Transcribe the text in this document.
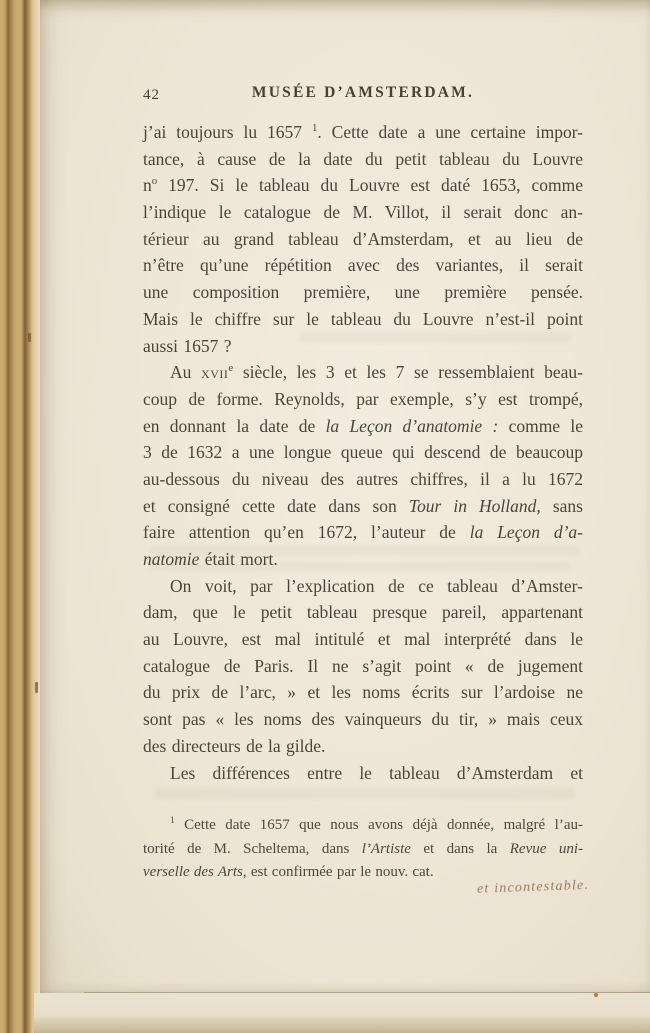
42	MUSÉE D’AMSTERDAM.
j’ai toujours lu 1657 $^1$. Cette date a une certaine impor-
tance, à cause de la date du petit tableau du Louvre
$n^o$ 197. Si le tableau du Louvre est daté 1653, comme
l’indique le catalogue de M. Villot, il serait donc an-
térieur au grand tableau d’Amsterdam, et au lieu de
n’être qu’une répétition avec des variantes, il serait
une composition première, une première pensée.
Mais le chiffre sur le tableau du Louvre n’est-il point
aussi 1657 ?
Au xvii$^e$ siècle, les 3 et les 7 se ressemblaient beau-
coup de forme. Reynolds, par exemple, s’y est trompé,
en donnant la date de la Leçon d’anatomie : comme le
3 de 1632 a une longue queue qui descend de beaucoup
au-dessous du niveau des autres chiffres, il a lu 1672
et consigné cette date dans son Tour in Holland, sans
faire attention qu’en 1672, l’auteur de la Leçon d’a-
natomie était mort.
On voit, par l’explication de ce tableau d’Amster-
dam, que le petit tableau presque pareil, appartenant
au Louvre, est mal intitulé et mal interprété dans le
catalogue de Paris. Il ne s’agit point « de jugement
du prix de l’arc, » et les noms écrits sur l’ardoise ne
sont pas « les noms des vainqueurs du tir, » mais ceux
des directeurs de la gilde.
Les différences entre le tableau d’Amsterdam et
$^1$ Cette date 1657 que nous avons déjà donnée, malgré l’au-
torité de M. Scheltema, dans l’Artiste et dans la Revue uni-
verselle des Arts, est confirmée par le nouv. cat.
et incontestable.
